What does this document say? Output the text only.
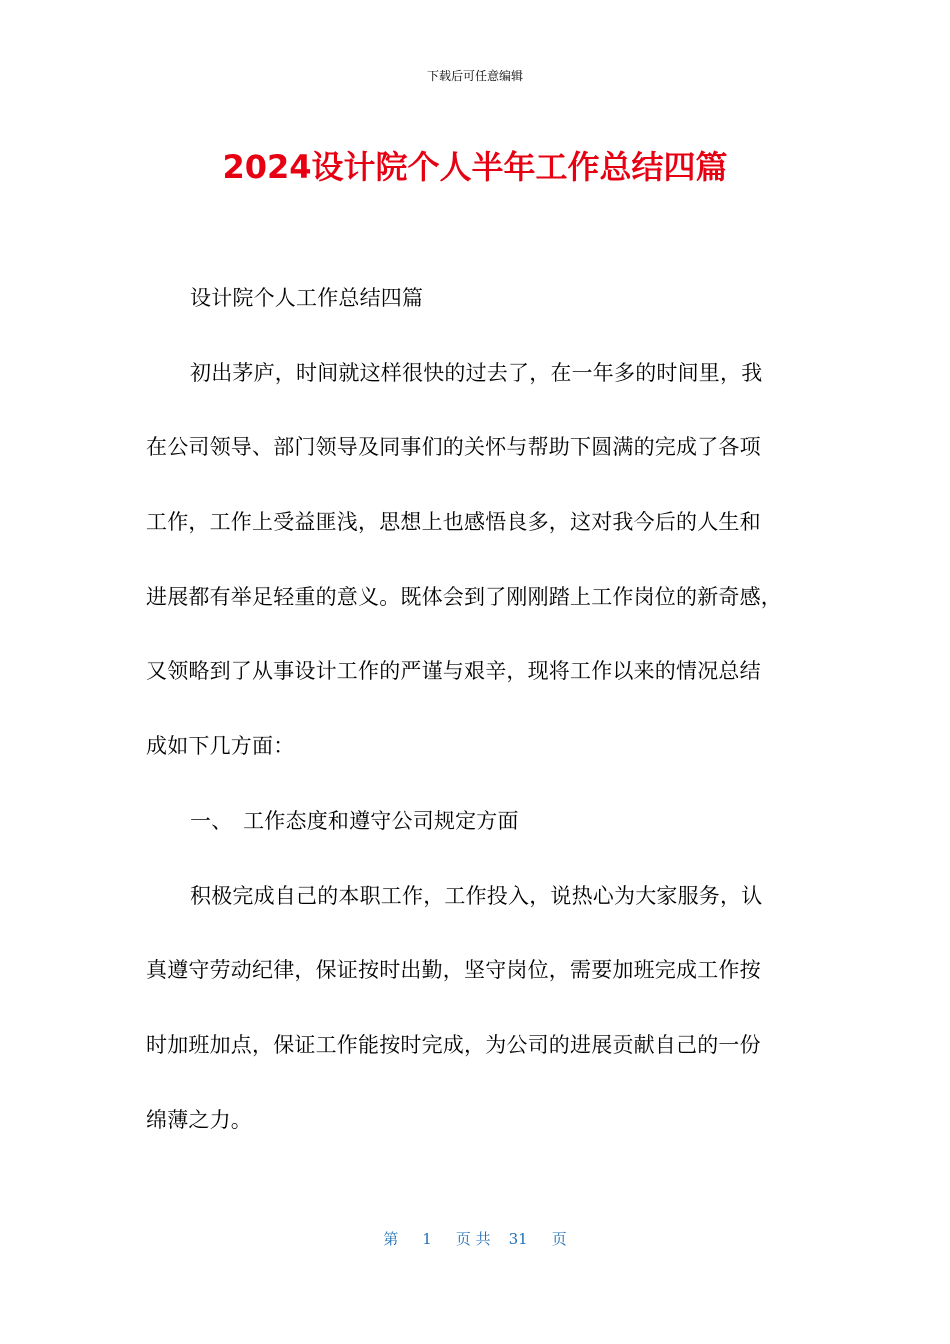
下载后可任意编辑
2024设计院个人半年工作总结四篇
设计院个人工作总结四篇
初出茅庐，时间就这样很快的过去了，在一年多的时间里，我
在公司领导、部门领导及同事们的关怀与帮助下圆满的完成了各项
工作，工作上受益匪浅，思想上也感悟良多，这对我今后的人生和
进展都有举足轻重的意义。既体会到了刚刚踏上工作岗位的新奇感，
又领略到了从事设计工作的严谨与艰辛，现将工作以来的情况总结
成如下几方面：
一、　工作态度和遵守公司规定方面
积极完成自己的本职工作，工作投入，说热心为大家服务，认
真遵守劳动纪律，保证按时出勤，坚守岗位，需要加班完成工作按
时加班加点，保证工作能按时完成，为公司的进展贡献自己的一份
绵薄之力。
第 1 页 共 31 页
